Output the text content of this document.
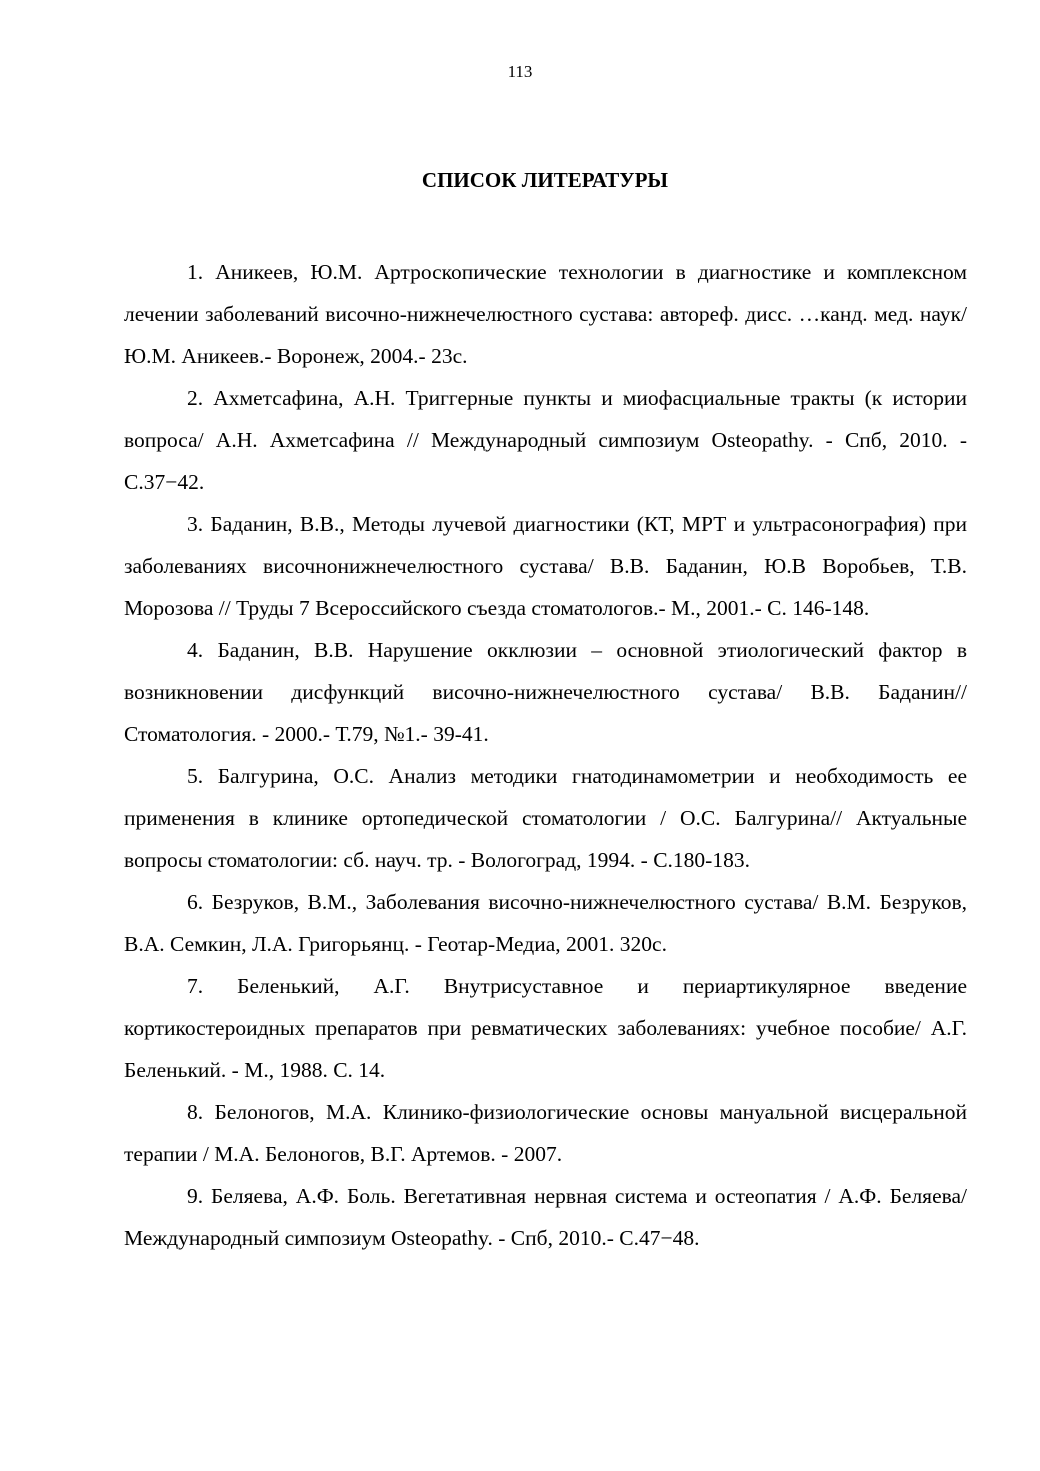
113
СПИСОК ЛИТЕРАТУРЫ
1. Аникеев, Ю.М. Артроскопические технологии в диагностике и комплексном лечении заболеваний височно-нижнечелюстного сустава: автореф. дисс. …канд. мед. наук/ Ю.М. Аникеев.- Воронеж, 2004.- 23с.
2. Ахметсафина, А.Н. Триггерные пункты и миофасциальные тракты (к истории вопроса/ А.Н. Ахметсафина // Международный симпозиум Osteopathy. - Спб, 2010. - С.37−42.
3. Баданин, В.В., Методы лучевой диагностики (КТ, МРТ и ультрасонография) при заболеваниях височнонижнечелюстного сустава/ В.В. Баданин, Ю.В Воробьев, Т.В. Морозова // Труды 7 Всероссийского съезда стоматологов.- М., 2001.- С. 146-148.
4. Баданин, В.В. Нарушение окклюзии – основной этиологический фактор в возникновении дисфункций височно-нижнечелюстного сустава/ В.В. Баданин// Стоматология. - 2000.- Т.79, №1.- 39-41.
5. Балгурина, О.С. Анализ методики гнатодинамометрии и необходимость ее применения в клинике ортопедической стоматологии / О.С. Балгурина// Актуальные вопросы стоматологии: сб. науч. тр. - Вологоград, 1994. - С.180-183.
6. Безруков, В.М., Заболевания височно-нижнечелюстного сустава/ В.М. Безруков, В.А. Семкин, Л.А. Григорьянц. - Геотар-Медиа, 2001. 320с.
7. Беленький, А.Г. Внутрисуставное и периартикулярное введение кортикостероидных препаратов при ревматических заболеваниях: учебное пособие/ А.Г. Беленький. - М., 1988. С. 14.
8. Белоногов, М.А. Клинико-физиологические основы мануальной висцеральной терапии / М.А. Белоногов, В.Г. Артемов. - 2007.
9. Беляева, А.Ф. Боль. Вегетативная нервная система и остеопатия / А.Ф. Беляева/ Международный симпозиум Osteopathy. - Спб, 2010.- С.47−48.
